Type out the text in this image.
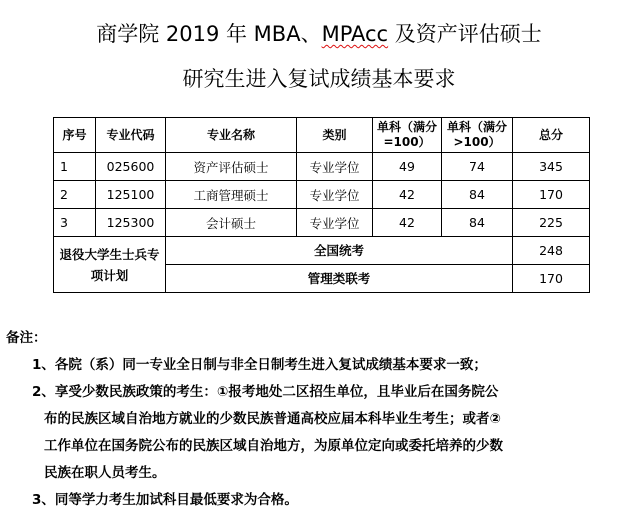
商学院 2019 年 MBA、MPAcc 及资产评估硕士
研究生进入复试成绩基本要求
序号	专业代码	专业名称	类别	单科（满分=100）	单科（满分>100）	总分
1	025600	资产评估硕士	专业学位	49	74	345
2	125100	工商管理硕士	专业学位	42	84	170
3	125300	会计硕士	专业学位	42	84	225
退役大学生士兵专项计划		全国统考				248
		管理类联考				170
备注：
1、各院（系）同一专业全日制与非全日制考生进入复试成绩基本要求一致；
2、享受少数民族政策的考生：①报考地处二区招生单位，且毕业后在国务院公
布的民族区域自治地方就业的少数民族普通高校应届本科毕业生考生；或者②
工作单位在国务院公布的民族区域自治地方，为原单位定向或委托培养的少数
民族在职人员考生。
3、同等学力考生加试科目最低要求为合格。
